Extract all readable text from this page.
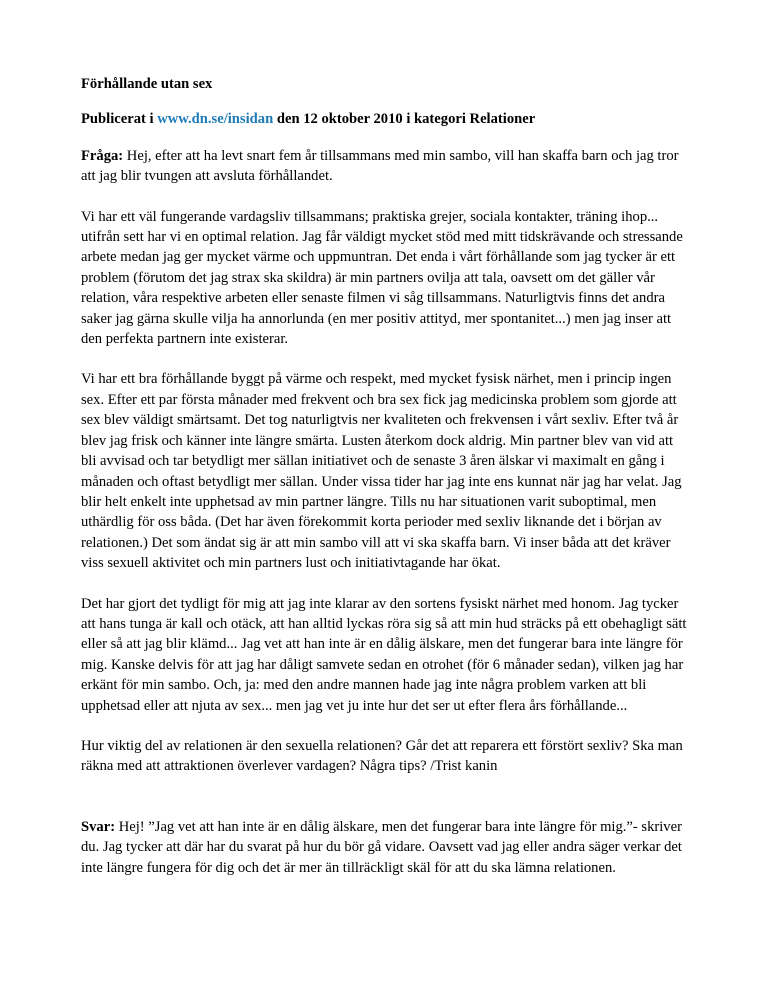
Förhållande utan sex

Publicerat i www.dn.se/insidan den 12 oktober 2010 i kategori Relationer

Fråga: Hej, efter att ha levt snart fem år tillsammans med min sambo, vill han skaffa barn och jag tror att jag blir tvungen att avsluta förhållandet.

Vi har ett väl fungerande vardagsliv tillsammans; praktiska grejer, sociala kontakter, träning ihop... utifrån sett har vi en optimal relation. Jag får väldigt mycket stöd med mitt tidskrävande och stressande arbete medan jag ger mycket värme och uppmuntran. Det enda i vårt förhållande som jag tycker är ett problem (förutom det jag strax ska skildra) är min partners ovilja att tala, oavsett om det gäller vår relation, våra respektive arbeten eller senaste filmen vi såg tillsammans. Naturligtvis finns det andra saker jag gärna skulle vilja ha annorlunda (en mer positiv attityd, mer spontanitet...) men jag inser att den perfekta partnern inte existerar.

Vi har ett bra förhållande byggt på värme och respekt, med mycket fysisk närhet, men i princip ingen sex. Efter ett par första månader med frekvent och bra sex fick jag medicinska problem som gjorde att sex blev väldigt smärtsamt. Det tog naturligtvis ner kvaliteten och frekvensen i vårt sexliv. Efter två år blev jag frisk och känner inte längre smärta. Lusten återkom dock aldrig. Min partner blev van vid att bli avvisad och tar betydligt mer sällan initiativet och de senaste 3 åren älskar vi maximalt en gång i månaden och oftast betydligt mer sällan. Under vissa tider har jag inte ens kunnat när jag har velat. Jag blir helt enkelt inte upphetsad av min partner längre. Tills nu har situationen varit suboptimal, men uthärdlig för oss båda. (Det har även förekommit korta perioder med sexliv liknande det i början av relationen.) Det som ändat sig är att min sambo vill att vi ska skaffa barn. Vi inser båda att det kräver viss sexuell aktivitet och min partners lust och initiativtagande har ökat.

Det har gjort det tydligt för mig att jag inte klarar av den sortens fysiskt närhet med honom. Jag tycker att hans tunga är kall och otäck, att han alltid lyckas röra sig så att min hud sträcks på ett obehagligt sätt eller så att jag blir klämd... Jag vet att han inte är en dålig älskare, men det fungerar bara inte längre för mig. Kanske delvis för att jag har dåligt samvete sedan en otrohet (för 6 månader sedan), vilken jag har erkänt för min sambo. Och, ja: med den andre mannen hade jag inte några problem varken att bli upphetsad eller att njuta av sex... men jag vet ju inte hur det ser ut efter flera års förhållande...

Hur viktig del av relationen är den sexuella relationen? Går det att reparera ett förstört sexliv? Ska man räkna med att attraktionen överlever vardagen? Några tips? /Trist kanin

Svar: Hej! ”Jag vet att han inte är en dålig älskare, men det fungerar bara inte längre för mig.”- skriver du. Jag tycker att där har du svarat på hur du bör gå vidare. Oavsett vad jag eller andra säger verkar det inte längre fungera för dig och det är mer än tillräckligt skäl för att du ska lämna relationen.
